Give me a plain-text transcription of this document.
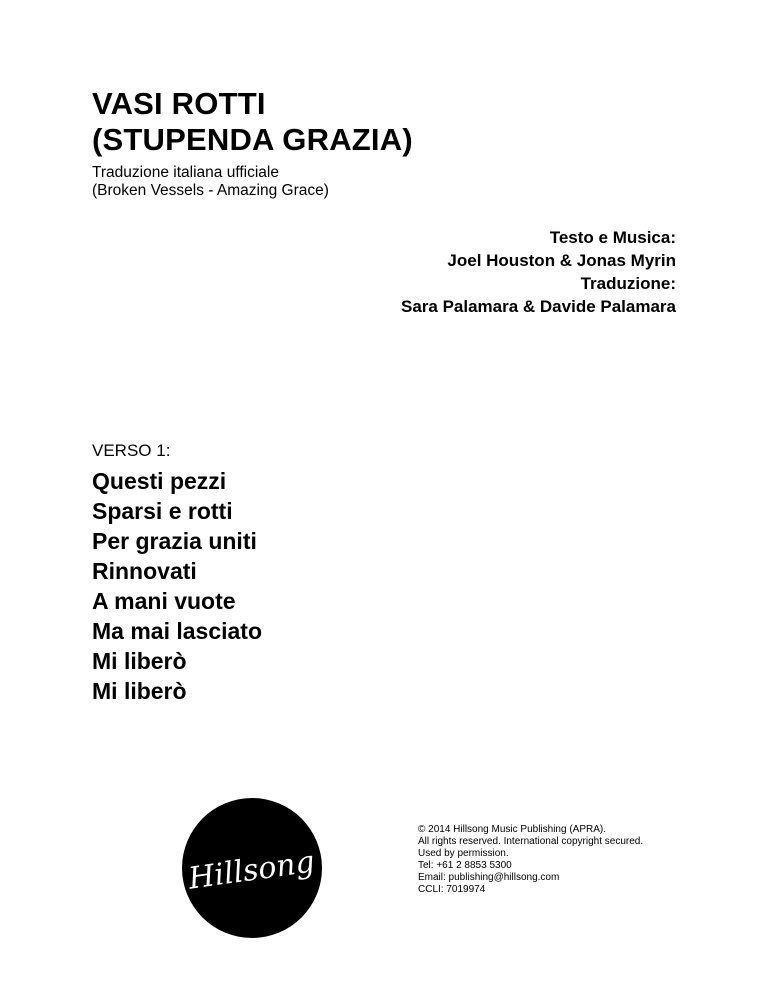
VASI ROTTI
(STUPENDA GRAZIA)
Traduzione italiana ufficiale
(Broken Vessels - Amazing Grace)
Testo e Musica:
Joel Houston & Jonas Myrin
Traduzione:
Sara Palamara & Davide Palamara
VERSO 1:
Questi pezzi
Sparsi e rotti
Per grazia uniti
Rinnovati
A mani vuote
Ma mai lasciato
Mi liberò
Mi liberò
Hillsong
© 2014 Hillsong Music Publishing (APRA).
All rights reserved. International copyright secured.
Used by permission.
Tel: +61 2 8853 5300
Email: publishing@hillsong.com
CCLI: 7019974
